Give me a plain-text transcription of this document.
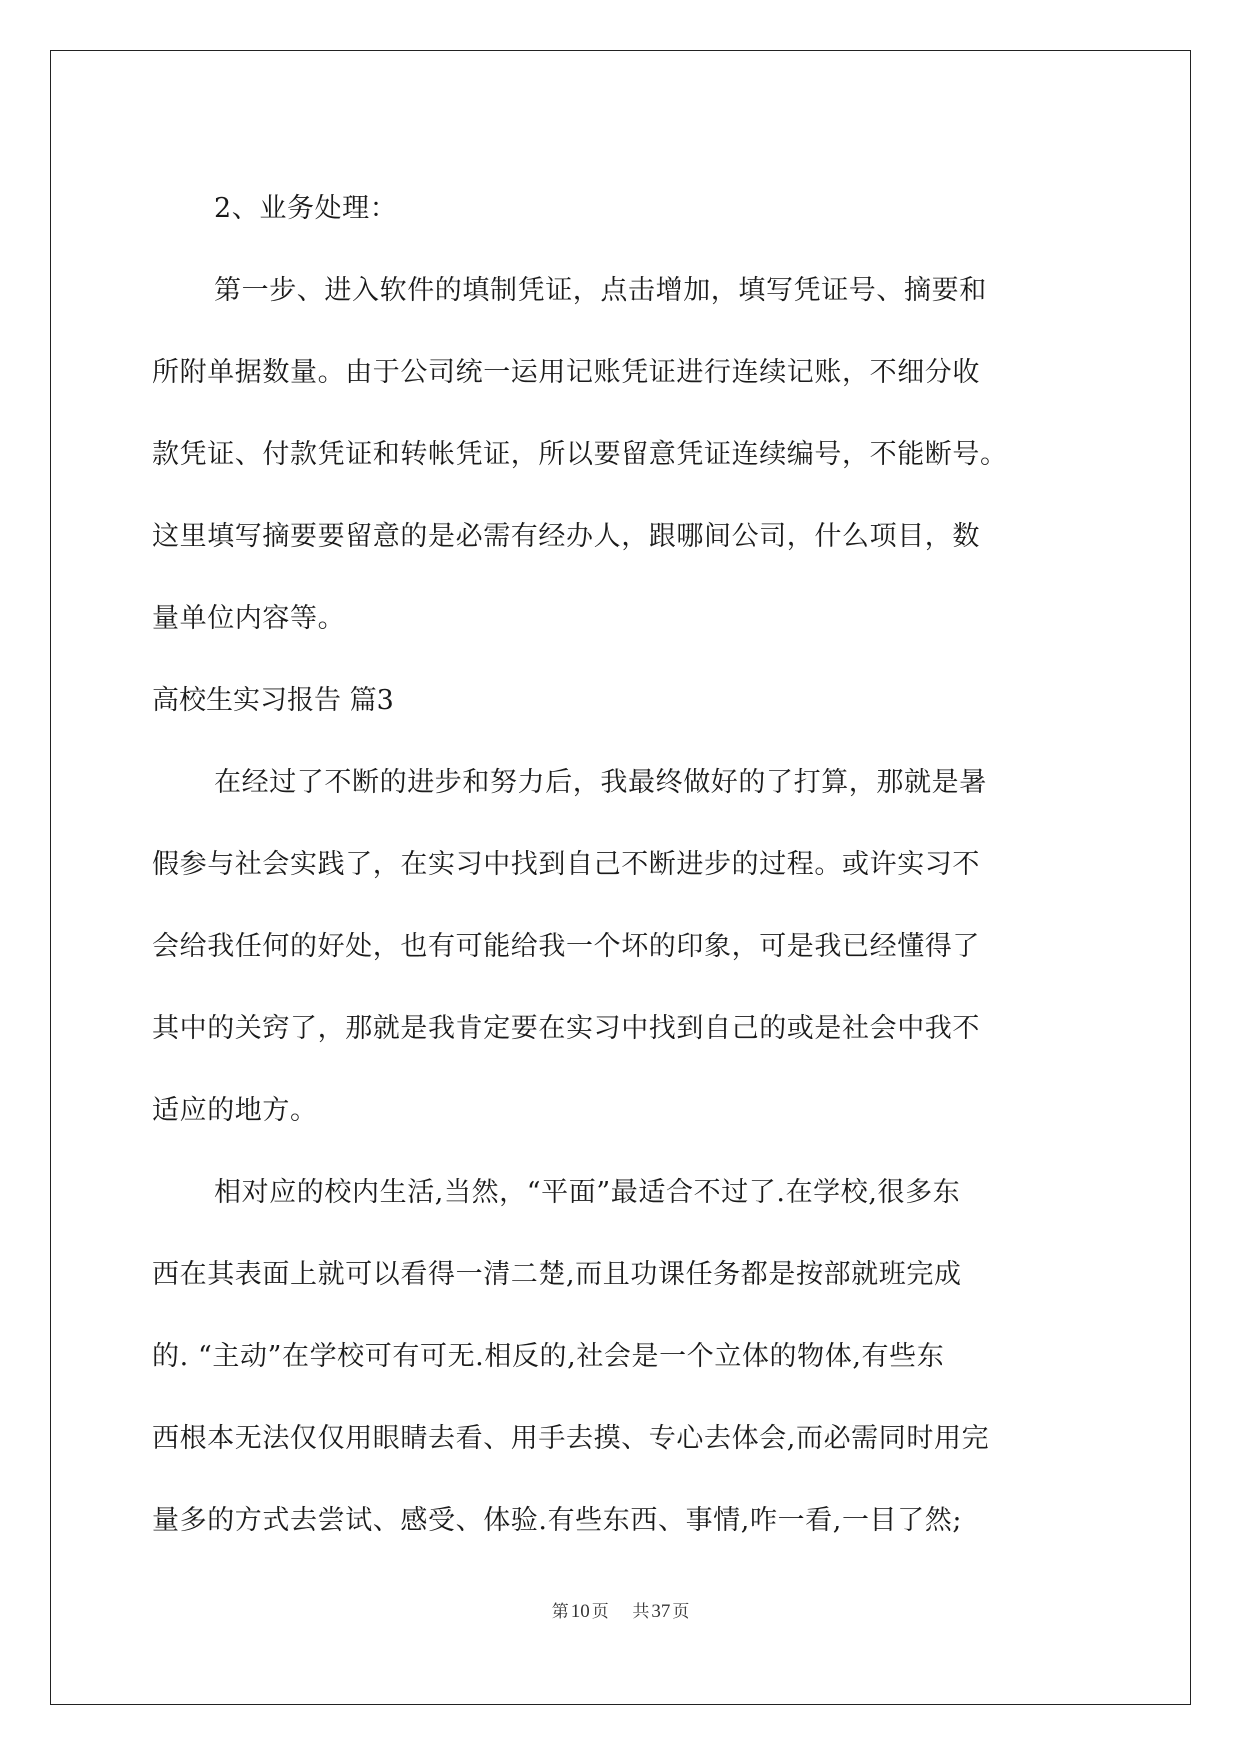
2、业务处理：
第一步、进入软件的填制凭证，点击增加，填写凭证号、摘要和
所附单据数量。由于公司统一运用记账凭证进行连续记账，不细分收
款凭证、付款凭证和转帐凭证，所以要留意凭证连续编号，不能断号。
这里填写摘要要留意的是必需有经办人，跟哪间公司，什么项目，数
量单位内容等。
高校生实习报告 篇3
在经过了不断的进步和努力后，我最终做好的了打算，那就是暑
假参与社会实践了，在实习中找到自己不断进步的过程。或许实习不
会给我任何的好处，也有可能给我一个坏的印象，可是我已经懂得了
其中的关窍了，那就是我肯定要在实习中找到自己的或是社会中我不
适应的地方。
相对应的校内生活,当然，“平面”最适合不过了.在学校,很多东
西在其表面上就可以看得一清二楚,而且功课任务都是按部就班完成
的. “主动”在学校可有可无.相反的,社会是一个立体的物体,有些东
西根本无法仅仅用眼睛去看、用手去摸、专心去体会,而必需同时用完
量多的方式去尝试、感受、体验.有些东西、事情,咋一看,一目了然;
第 10 页 共 37 页
